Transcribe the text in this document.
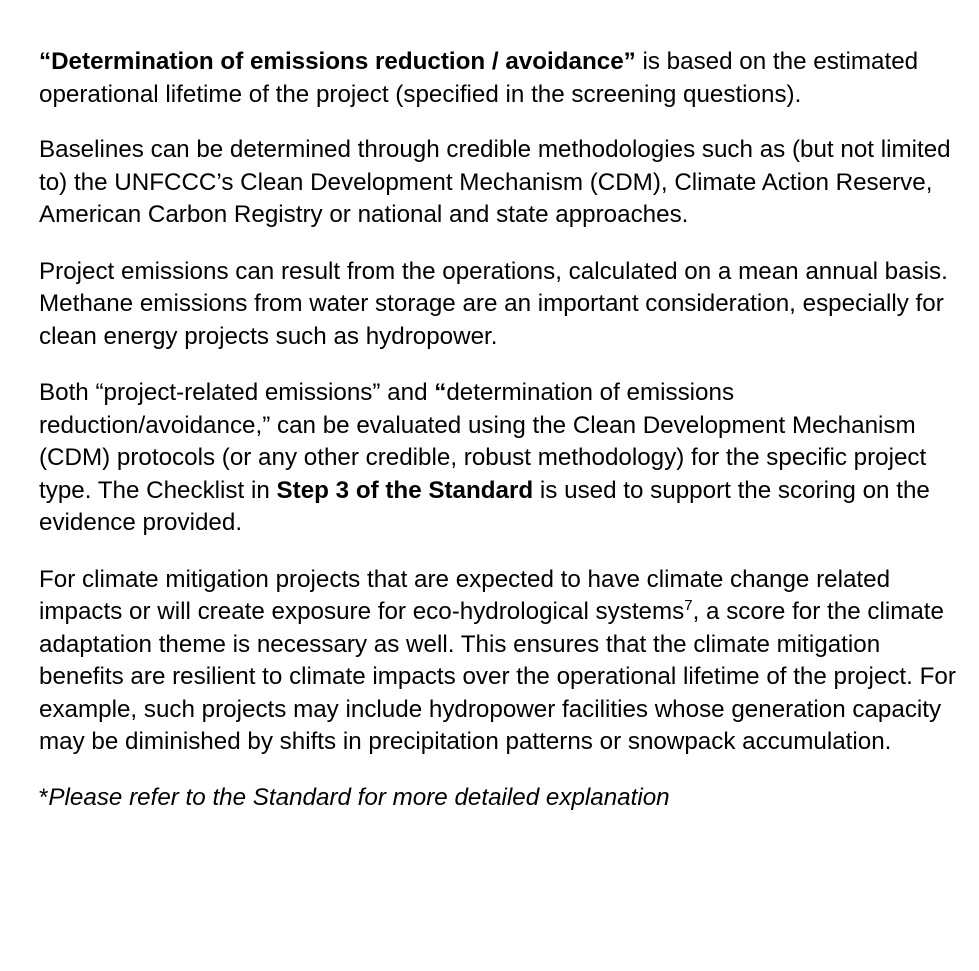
“Determination of emissions reduction / avoidance” is based on the estimated operational lifetime of the project (specified in the screening questions).

Baselines can be determined through credible methodologies such as (but not limited to) the UNFCCC’s Clean Development Mechanism (CDM), Climate Action Reserve, American Carbon Registry or national and state approaches.

Project emissions can result from the operations, calculated on a mean annual basis. Methane emissions from water storage are an important consideration, especially for clean energy projects such as hydropower.

Both “project-related emissions” and “determination of emissions reduction/avoidance,” can be evaluated using the Clean Development Mechanism (CDM) protocols (or any other credible, robust methodology) for the specific project type. The Checklist in Step 3 of the Standard is used to support the scoring on the evidence provided.

For climate mitigation projects that are expected to have climate change related impacts or will create exposure for eco-hydrological systems$^7$, a score for the climate adaptation theme is necessary as well. This ensures that the climate mitigation benefits are resilient to climate impacts over the operational lifetime of the project. For example, such projects may include hydropower facilities whose generation capacity may be diminished by shifts in precipitation patterns or snowpack accumulation.

*Please refer to the Standard for more detailed explanation
